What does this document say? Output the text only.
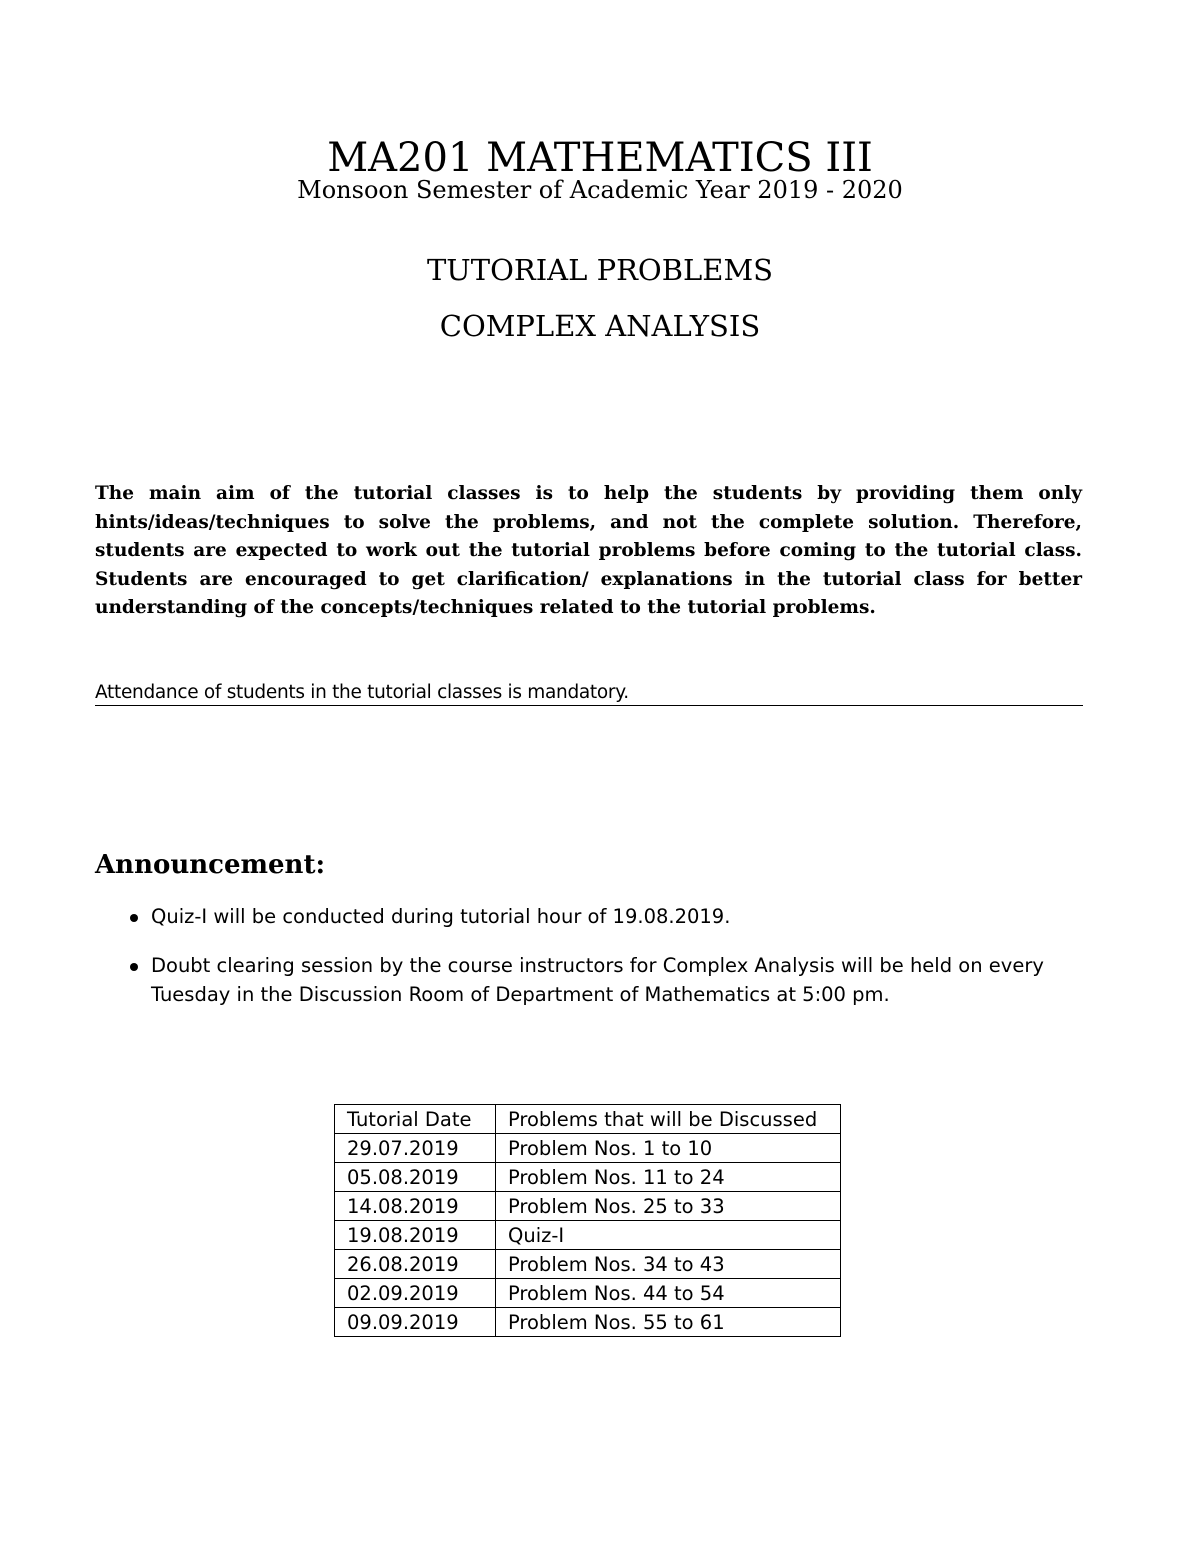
MA201 MATHEMATICS III
Monsoon Semester of Academic Year 2019 - 2020
TUTORIAL PROBLEMS
COMPLEX ANALYSIS
The main aim of the tutorial classes is to help the students by providing them only hints/ideas/techniques to solve the problems, and not the complete solution. Therefore, students are expected to work out the tutorial problems before coming to the tutorial class. Students are encouraged to get clarification/ explanations in the tutorial class for better understanding of the concepts/techniques related to the tutorial problems.
Attendance of students in the tutorial classes is mandatory.
Announcement:
Quiz-I will be conducted during tutorial hour of 19.08.2019.
Doubt clearing session by the course instructors for Complex Analysis will be held on every Tuesday in the Discussion Room of Department of Mathematics at 5:00 pm.
Tutorial Date	Problems that will be Discussed
29.07.2019	Problem Nos. 1 to 10
05.08.2019	Problem Nos. 11 to 24
14.08.2019	Problem Nos. 25 to 33
19.08.2019	Quiz-I
26.08.2019	Problem Nos. 34 to 43
02.09.2019	Problem Nos. 44 to 54
09.09.2019	Problem Nos. 55 to 61
